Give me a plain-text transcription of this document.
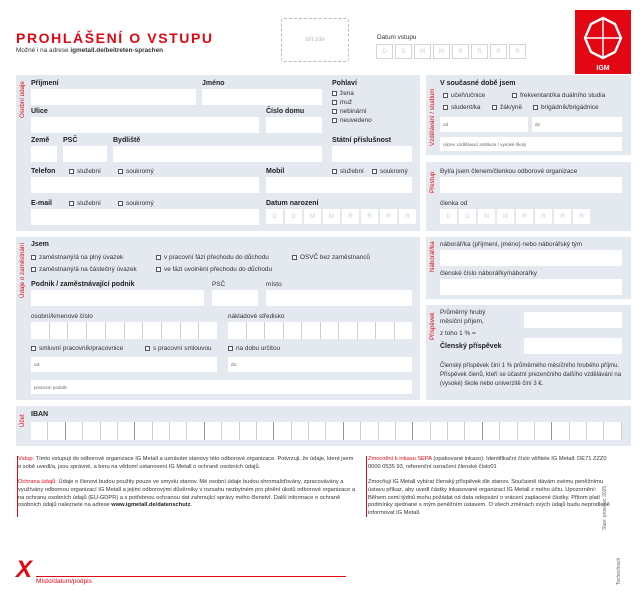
PROHLÁŠENÍ O VSTUPU
Možné i na adrese igmetall.de/beitreten-sprachen
štít zde	Datum vstupu
D	D	M	M	R	R	R	R
IGM
Osobní údaje Příjmení	Jméno	Pohlaví
žena
muž
nebinární
neuvedeno
Ulice	Číslo domu
Země PSČ	Bydliště	Státní příslušnost
Telefon	služební	soukromý	Mobil	služební	soukromý
E-mail	služební	soukromý	Datum narození
D	D	M	M	R	R	R	R
Vzdělávání / studium
V současné době jsem
učeň/učnice	frekventant/ka duálního studia
student/ka	žák/yně	brigádník/brigádnice
od	do
název vzdělávací instituce / vysoké školy
Přestup
Byl/a jsem členem/členkou odborové organizace
členka od
D	D	M	M	R	R	R	R
Údaje o zaměstnání Jsem
zaměstnaný/á na plný úvazek	v pracovní fázi přechodu do důchodu	OSVČ bez zaměstnanců
zaměstnaný/á na částečný úvazek	ve fázi uvolnění přechodu do důchodu
Podnik / zaměstnávající podnik	PSČ	místo
osobní/kmenové číslo	nákladové středisko
smluvní pracovník/pracovnice	s pracovní smlouvou	na dobu určitou
od:	do:
pracovní podnik:
Náborář/ka náborář/ka (příjmení, jméno) nebo náborářský tým
členské číslo náborářky/náborářky
Příspěvek Průměrný hrubý
měsíční příjem,
z toho 1 % =
Členský příspěvek
Členský příspěvek činí 1 % průměrného měsíčního hrubého příjmu. Příspěvek členů, kteří se účastní prezenčního dalšího vzdělávání na (vysoké) škole nebo univerzitě činí 3 €.
Účet IBAN
Vstup: Tímto vstupuji do odborové organizace IG Metall a uznávám stanovy této odborové organizace. Potvrzuji, že údaje, které jsem o sobě uvedl/a, jsou správné, a beru na vědomí ustanovení IG Metall o ochraně osobních údajů.
Ochrana údajů: Údaje o členovi budou použity pouze ve smyslu stanov. Mé osobní údaje budou shromažďovány, zpracovávány a využívány odbornou organizací IG Metall a jejími odborovými důvěrníky v rozsahu nezbytném pro plnění úkolů odborové organizace a na ochranu osobních údajů (EU-GDPR) a s potřebnou ochranou dat zahrnující správy mého členství. Další informace o ochraně osobních údajů naleznete na adrese www.igmetall.de/datenschutz.
Zmocnění k inkasu SEPA (opakované inkaso): Identifikační číslo věřitele IG Metall: DE71 ZZZ0 0000 0535 93, referenční označení členské číslo01
Zmocňuji IG Metall vybírat členský příspěvek dle stanov. Současně dávám svému peněžnímu ústavu příkaz, aby uvedl částky inkasované organizací IG Metall z mého účtu. Upozornění: Během osmi týdnů mohu požádat od data odepsání o vrácení zaplacené částky. Přitom platí podmínky sjednané s mým peněžním ústavem. O všech změnách svých údajů budu neprodleně informovat IG Metall.	Stav: prosinec 2025
Tschechisch
X Místo/datum/podpis
